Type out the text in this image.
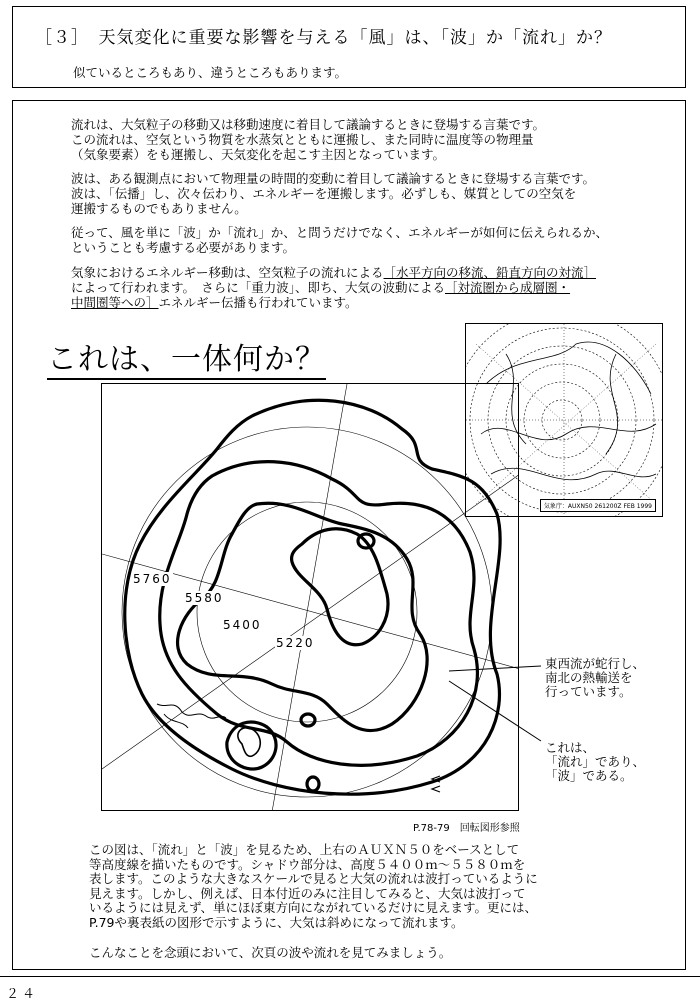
［３］　天気変化に重要な影響を与える「風」は、「波」か「流れ」か？
似ているところもあり、違うところもあります。
流れは、大気粒子の移動又は移動速度に着目して議論するときに登場する言葉です。
この流れは、空気という物質を水蒸気とともに運搬し、また同時に温度等の物理量
（気象要素）をも運搬し、天気変化を起こす主因となっています。
波は、ある観測点において物理量の時間的変動に着目して議論するときに登場する言葉です。
波は、「伝播」し、次々伝わり、エネルギーを運搬します。必ずしも、媒質としての空気を
運搬するものでもありません。
従って、風を単に「波」か「流れ」か、と問うだけでなく、エネルギーが如何に伝えられるか、
ということも考慮する必要があります。
気象におけるエネルギー移動は、空気粒子の流れによる［水平方向の移流、鉛直方向の対流］
によって行われます。　さらに「重力波」、即ち、大気の波動による［対流圏から成層圏・
中間圏等への］エネルギー伝播も行われています。
これは、一体何か？
気象庁：AUXN50 261200Z FEB 1999
5760
5580
5400
5220
東西流が蛇行し、
南北の熱輸送を
行っています。
これは、
「流れ」であり、
「波」である。
P.78-79　回転図形参照
この図は、「流れ」と「波」を見るため、上右のＡＵＸＮ５０をベースとして
等高度線を描いたものです。シャドウ部分は、高度５４００ｍ～５５８０ｍを
表します。このような大きなスケールで見ると大気の流れは波打っているように
見えます。しかし、例えば、日本付近のみに注目してみると、大気は波打って
いるようには見えず、単にほぼ東方向にながれているだけに見えます。更には、
P.79や裏表紙の図形で示すように、大気は斜めになって流れます。
こんなことを念頭において、次頁の波や流れを見てみましょう。
２４
